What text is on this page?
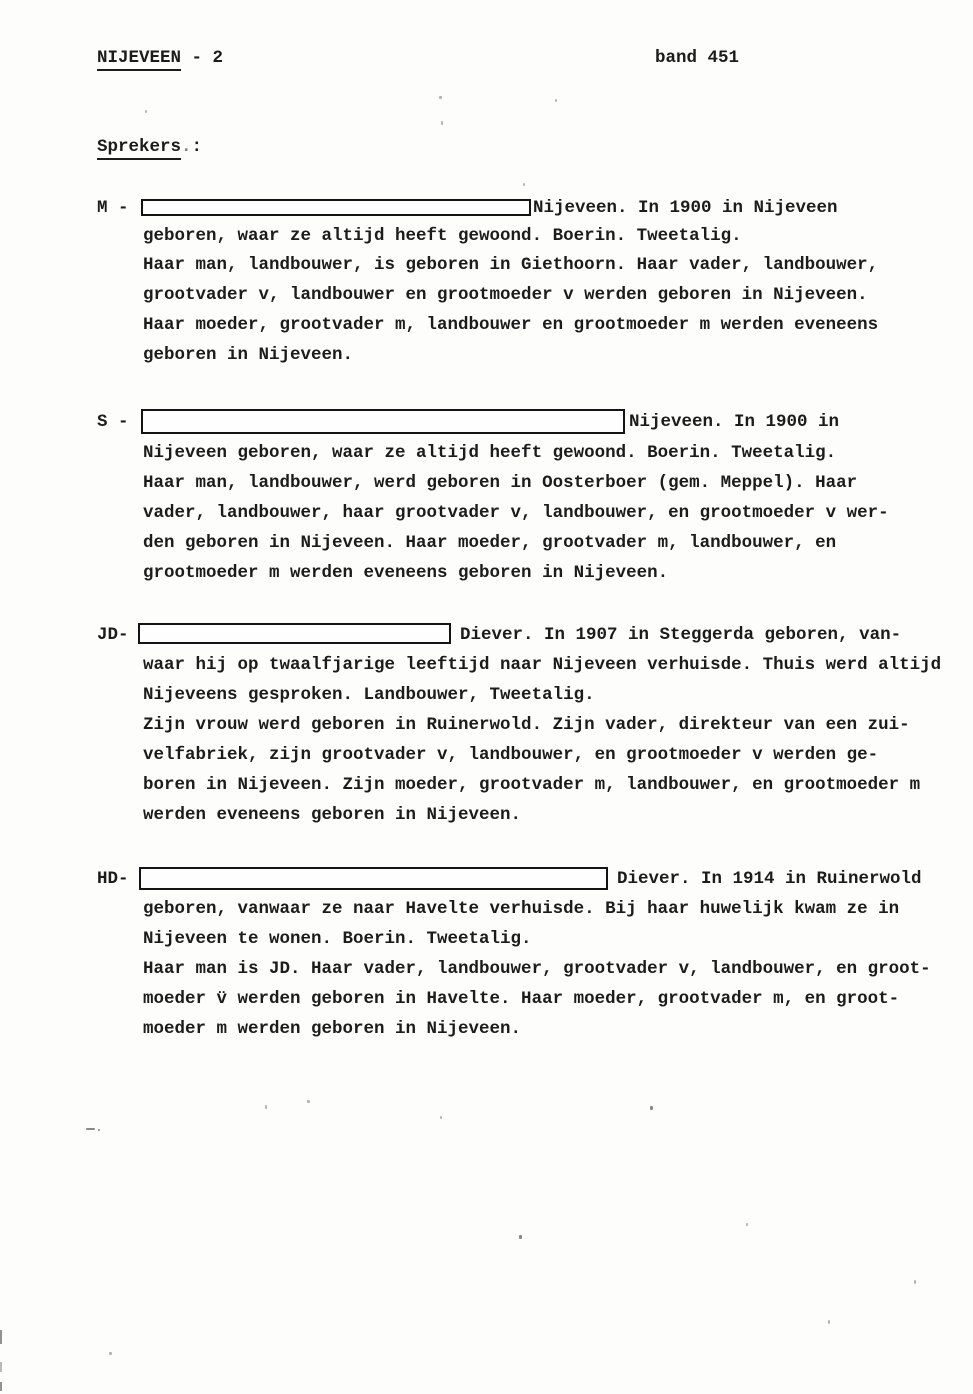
NIJEVEEN - 2	band 451
Sprekers.:
M -	Nijeveen. In 1900 in Nijeveen
geboren, waar ze altijd heeft gewoond. Boerin. Tweetalig.
Haar man, landbouwer, is geboren in Giethoorn. Haar vader, landbouwer,
grootvader v, landbouwer en grootmoeder v werden geboren in Nijeveen.
Haar moeder, grootvader m, landbouwer en grootmoeder m werden eveneens
geboren in Nijeveen.
S -	Nijeveen. In 1900 in
Nijeveen geboren, waar ze altijd heeft gewoond. Boerin. Tweetalig.
Haar man, landbouwer, werd geboren in Oosterboer (gem. Meppel). Haar
vader, landbouwer, haar grootvader v, landbouwer, en grootmoeder v wer-
den geboren in Nijeveen. Haar moeder, grootvader m, landbouwer, en
grootmoeder m werden eveneens geboren in Nijeveen.
JD-	Diever. In 1907 in Steggerda geboren, van-
waar hij op twaalfjarige leeftijd naar Nijeveen verhuisde. Thuis werd altijd
Nijeveens gesproken. Landbouwer, Tweetalig.
Zijn vrouw werd geboren in Ruinerwold. Zijn vader, direkteur van een zui-
velfabriek, zijn grootvader v, landbouwer, en grootmoeder v werden ge-
boren in Nijeveen. Zijn moeder, grootvader m, landbouwer, en grootmoeder m
werden eveneens geboren in Nijeveen.
HD-	Diever. In 1914 in Ruinerwold
geboren, vanwaar ze naar Havelte verhuisde. Bij haar huwelijk kwam ze in
Nijeveen te wonen. Boerin. Tweetalig.
Haar man is JD. Haar vader, landbouwer, grootvader v, landbouwer, en groot-
moeder v̈ werden geboren in Havelte. Haar moeder, grootvader m, en groot-
moeder m werden geboren in Nijeveen.
